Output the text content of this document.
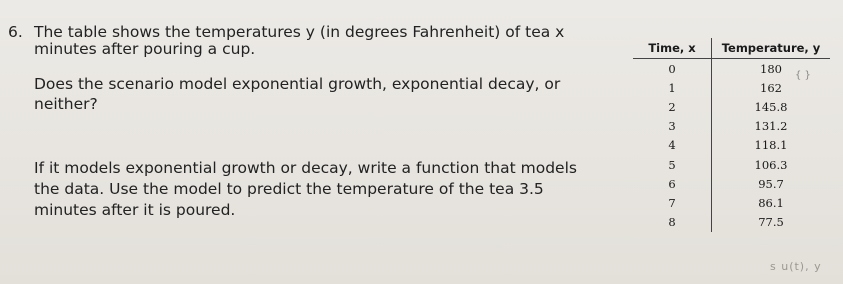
6. The table shows the temperatures y (in degrees Fahrenheit) of tea x
minutes after pouring a cup.
Does the scenario model exponential growth, exponential decay, or
neither?
If it models exponential growth or decay, write a function that models
the data. Use the model to predict the temperature of the tea 3.5
minutes after it is poured.
Time, x	Temperature, y
0	180
1	162
2	145.8
3	131.2
4	118.1
5	106.3
6	95.7
7	86.1
8	77.5
{ }
s u(t), y
